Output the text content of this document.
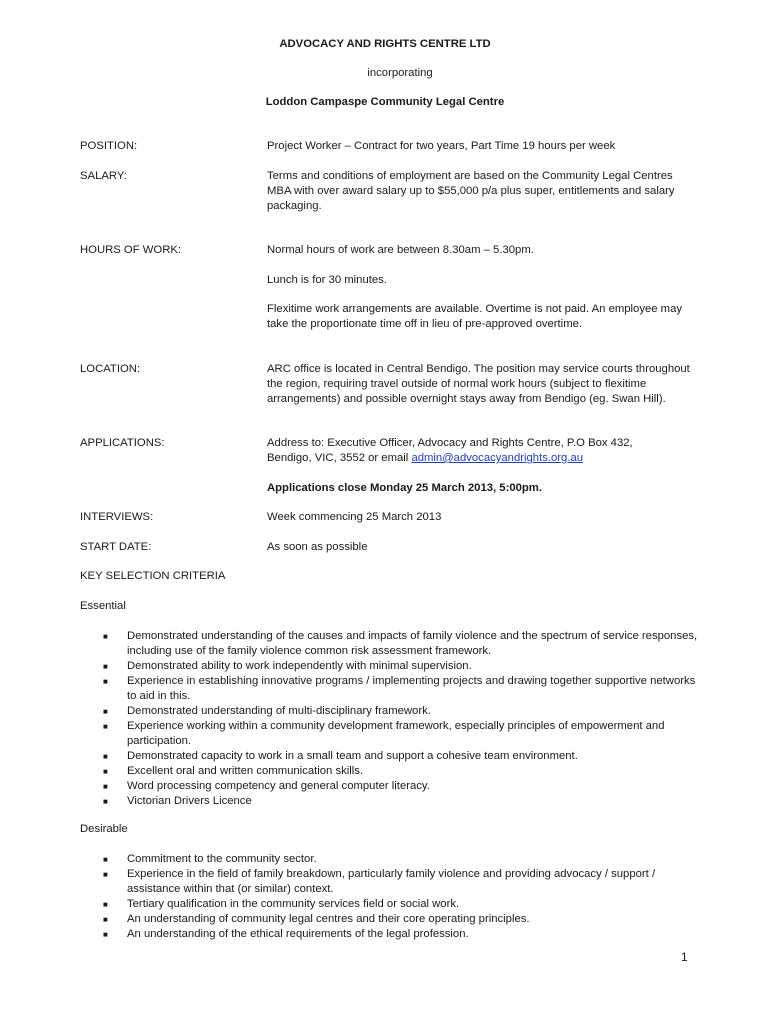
ADVOCACY AND RIGHTS CENTRE LTD
incorporating
Loddon Campaspe Community Legal Centre
POSITION:	Project Worker – Contract for two years, Part Time 19 hours per week
SALARY:	Terms and conditions of employment are based on the Community Legal Centres MBA with over award salary up to $55,000 p/a plus super, entitlements and salary packaging.
HOURS OF WORK:	Normal hours of work are between 8.30am – 5.30pm.
Lunch is for 30 minutes.
Flexitime work arrangements are available. Overtime is not paid. An employee may take the proportionate time off in lieu of pre-approved overtime.
LOCATION:	ARC office is located in Central Bendigo. The position may service courts throughout the region, requiring travel outside of normal work hours (subject to flexitime arrangements) and possible overnight stays away from Bendigo (eg. Swan Hill).
APPLICATIONS:	Address to: Executive Officer, Advocacy and Rights Centre, P.O Box 432, Bendigo, VIC, 3552 or email admin@advocacyandrights.org.au
Applications close Monday 25 March 2013, 5:00pm.
INTERVIEWS:	Week commencing 25 March 2013
START DATE:	As soon as possible
KEY SELECTION CRITERIA
Essential
■ Demonstrated understanding of the causes and impacts of family violence and the spectrum of service responses, including use of the family violence common risk assessment framework.
■ Demonstrated ability to work independently with minimal supervision.
■ Experience in establishing innovative programs / implementing projects and drawing together supportive networks to aid in this.
■ Demonstrated understanding of multi-disciplinary framework.
■ Experience working within a community development framework, especially principles of empowerment and participation.
■ Demonstrated capacity to work in a small team and support a cohesive team environment.
■ Excellent oral and written communication skills.
■ Word processing competency and general computer literacy.
■ Victorian Drivers Licence
Desirable
■ Commitment to the community sector.
■ Experience in the field of family breakdown, particularly family violence and providing advocacy / support / assistance within that (or similar) context.
■ Tertiary qualification in the community services field or social work.
■ An understanding of community legal centres and their core operating principles.
■ An understanding of the ethical requirements of the legal profession.
1
